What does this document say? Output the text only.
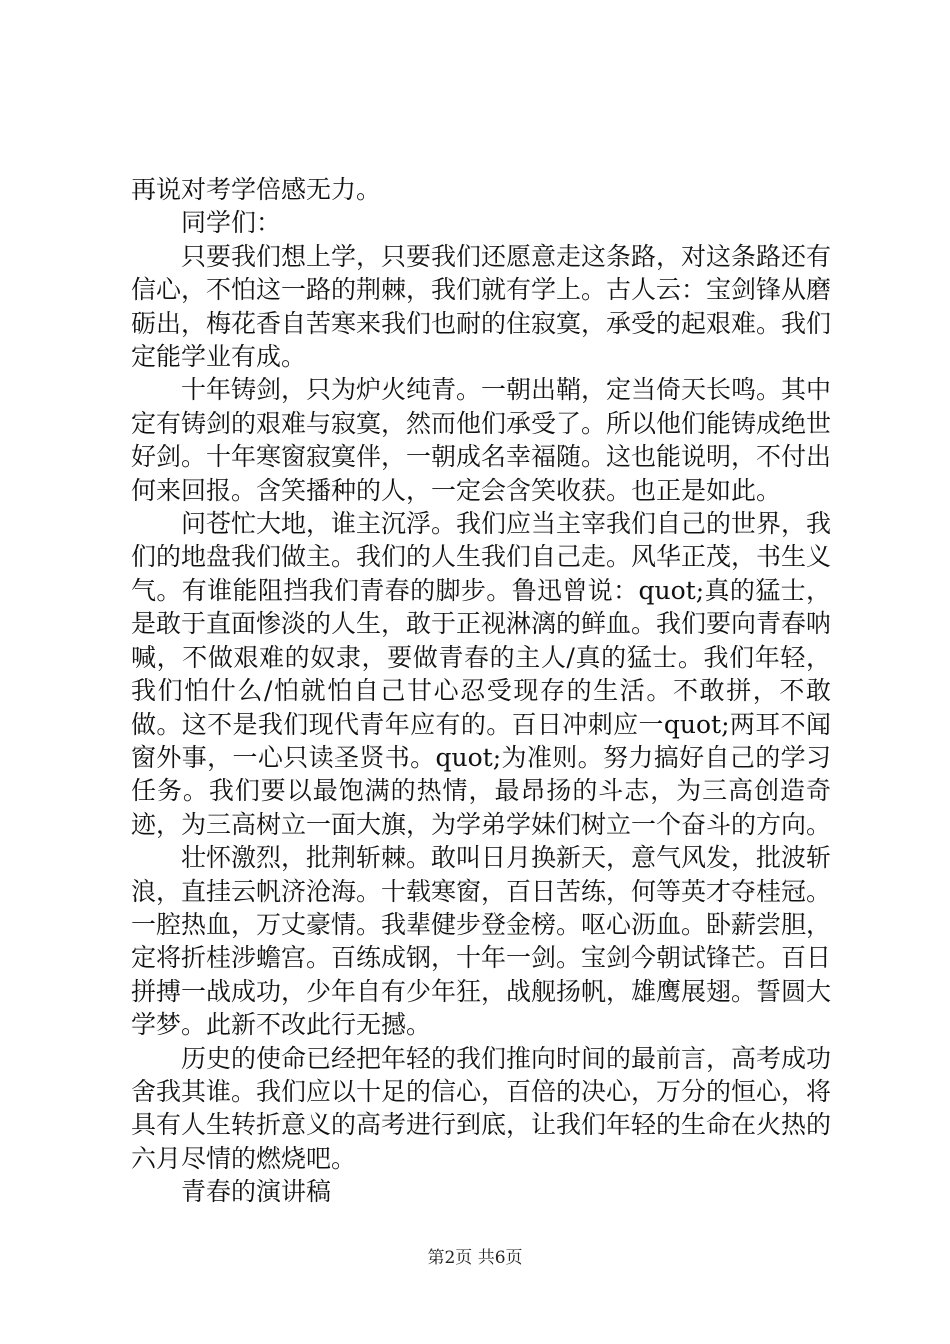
再说对考学倍感无力。

同学们：

只要我们想上学，只要我们还愿意走这条路，对这条路还有信心，不怕这一路的荆棘，我们就有学上。古人云：宝剑锋从磨砺出，梅花香自苦寒来我们也耐的住寂寞，承受的起艰难。我们定能学业有成。

十年铸剑，只为炉火纯青。一朝出鞘，定当倚天长鸣。其中定有铸剑的艰难与寂寞，然而他们承受了。所以他们能铸成绝世好剑。十年寒窗寂寞伴，一朝成名幸福随。这也能说明，不付出何来回报。含笑播种的人，一定会含笑收获。也正是如此。

问苍忙大地，谁主沉浮。我们应当主宰我们自己的世界，我们的地盘我们做主。我们的人生我们自己走。风华正茂，书生义气。有谁能阻挡我们青春的脚步。鲁迅曾说：quot;真的猛士，是敢于直面惨淡的人生，敢于正视淋漓的鲜血。我们要向青春呐喊，不做艰难的奴隶，要做青春的主人/真的猛士。我们年轻，我们怕什么/怕就怕自己甘心忍受现存的生活。不敢拼，不敢做。这不是我们现代青年应有的。百日冲刺应一quot;两耳不闻窗外事，一心只读圣贤书。quot;为准则。努力搞好自己的学习任务。我们要以最饱满的热情，最昂扬的斗志，为三高创造奇迹，为三高树立一面大旗，为学弟学妹们树立一个奋斗的方向。

壮怀激烈，批荆斩棘。敢叫日月换新天，意气风发，批波斩浪，直挂云帆济沧海。十载寒窗，百日苦练，何等英才夺桂冠。一腔热血，万丈豪情。我辈健步登金榜。呕心沥血。卧薪尝胆，定将折桂涉蟾宫。百练成钢，十年一剑。宝剑今朝试锋芒。百日拼搏一战成功，少年自有少年狂，战舰扬帆，雄鹰展翅。誓圆大学梦。此新不改此行无撼。

历史的使命已经把年轻的我们推向时间的最前言，高考成功舍我其谁。我们应以十足的信心，百倍的决心，万分的恒心，将具有人生转折意义的高考进行到底，让我们年轻的生命在火热的六月尽情的燃烧吧。

青春的演讲稿

第2页 共6页
